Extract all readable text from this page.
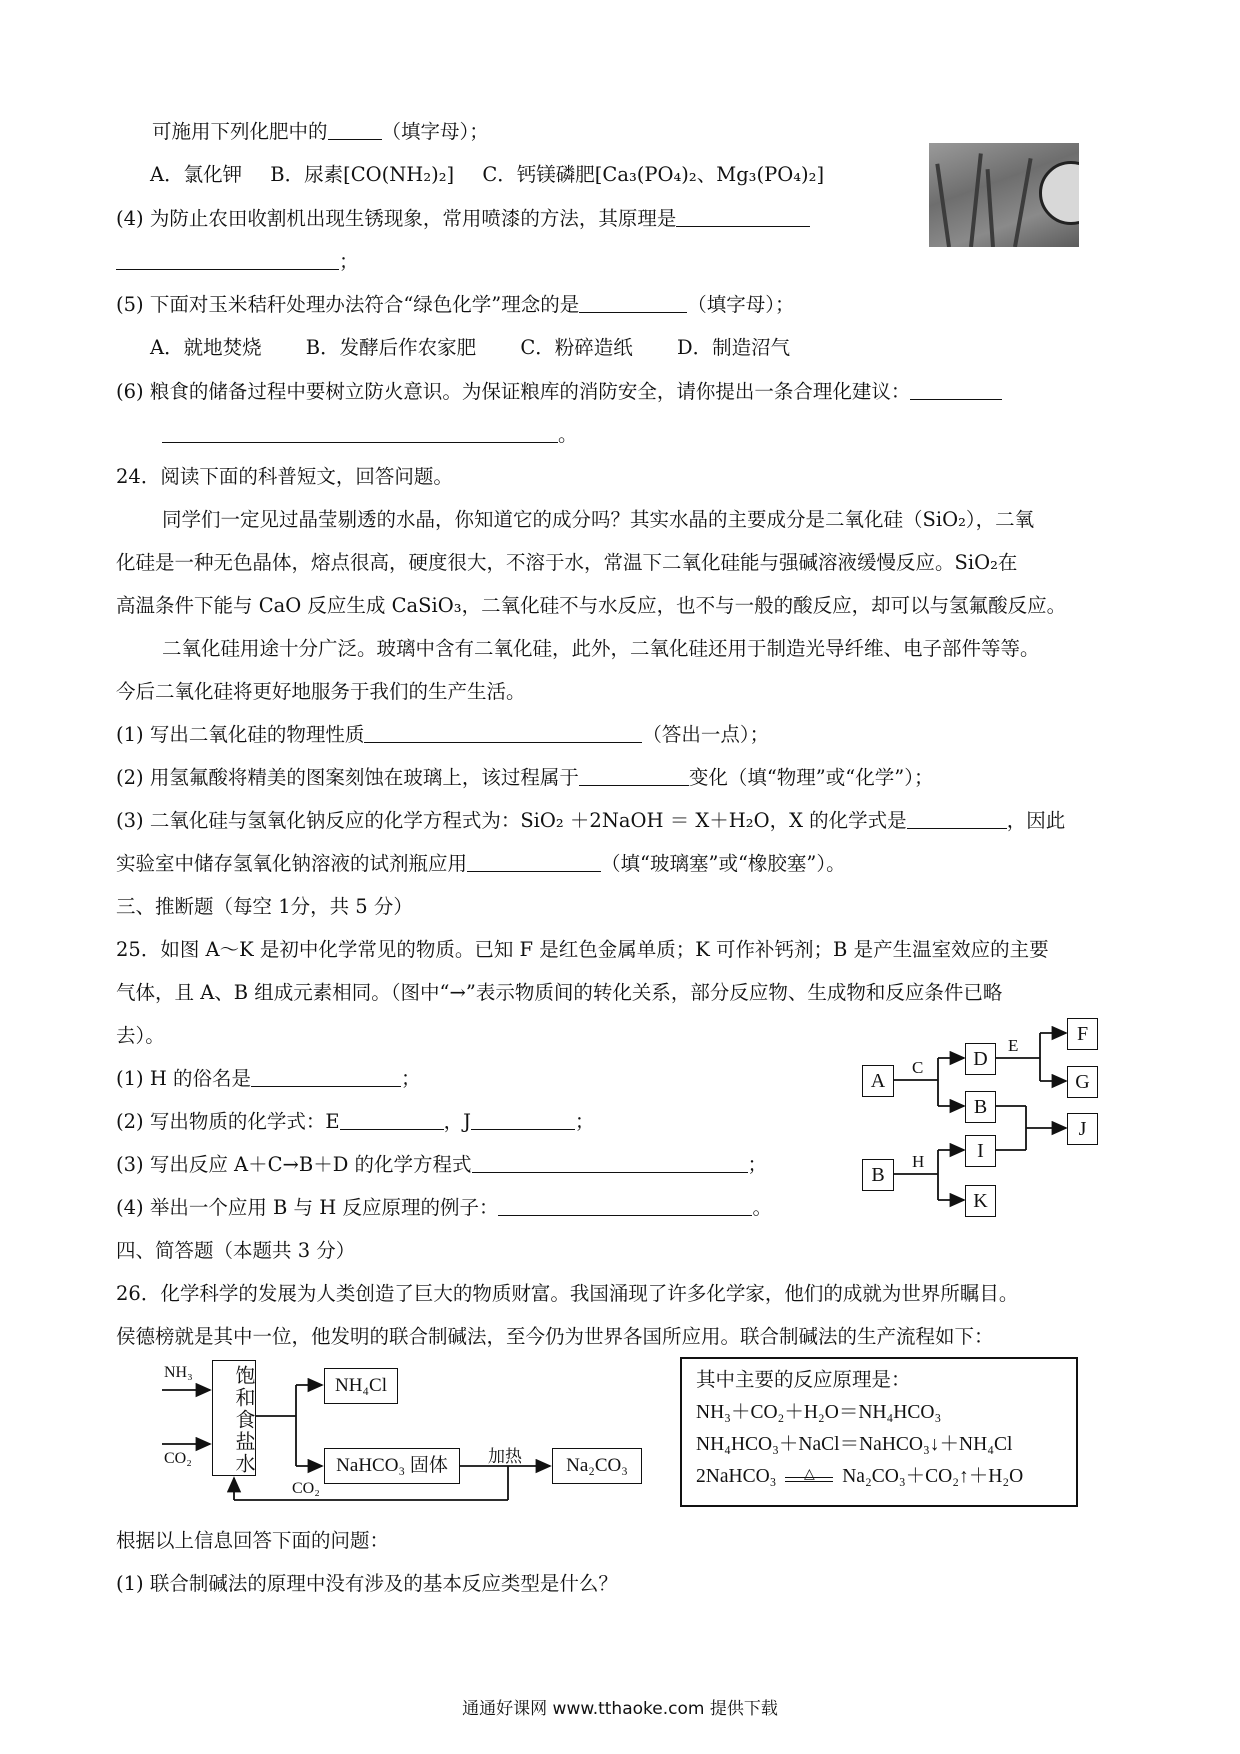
可施用下列化肥中的	（填字母）；
A．氯化钾 B．尿素[CO(NH₂)₂] C．钙镁磷肥[Ca₃(PO₄)₂、Mg₃(PO₄)₂]
(4) 为防止农田收割机出现生锈现象，常用喷漆的方法，其原理是
；
(5) 下面对玉米秸秆处理办法符合“绿色化学”理念的是	（填字母）；
A．就地焚烧 B．发酵后作农家肥 C．粉碎造纸 D．制造沼气
(6) 粮食的储备过程中要树立防火意识。为保证粮库的消防安全，请你提出一条合理化建议：
。
24．阅读下面的科普短文，回答问题。
同学们一定见过晶莹剔透的水晶，你知道它的成分吗？其实水晶的主要成分是二氧化硅（SiO₂），二氧
化硅是一种无色晶体，熔点很高，硬度很大，不溶于水，常温下二氧化硅能与强碱溶液缓慢反应。SiO₂在
高温条件下能与 CaO 反应生成 CaSiO₃，二氧化硅不与水反应，也不与一般的酸反应，却可以与氢氟酸反应。
二氧化硅用途十分广泛。玻璃中含有二氧化硅，此外，二氧化硅还用于制造光导纤维、电子部件等等。
今后二氧化硅将更好地服务于我们的生产生活。
(1) 写出二氧化硅的物理性质	（答出一点）；
(2) 用氢氟酸将精美的图案刻蚀在玻璃上，该过程属于	变化（填“物理”或“化学”）；
(3) 二氧化硅与氢氧化钠反应的化学方程式为：SiO₂ ＋2NaOH ＝ X＋H₂O，X 的化学式是	，因此
实验室中储存氢氧化钠溶液的试剂瓶应用	（填“玻璃塞”或“橡胶塞”）。
三、推断题（每空 1分，共 5 分）
25．如图 A～K 是初中化学常见的物质。已知 F 是红色金属单质；K 可作补钙剂；B 是产生温室效应的主要
气体，且 A、B 组成元素相同。（图中“→”表示物质间的转化关系，部分反应物、生成物和反应条件已略
去）。
(1) H 的俗名是	；
(2) 写出物质的化学式：E	，J	；
(3) 写出反应 A＋C→B＋D 的化学方程式	；
(4) 举出一个应用 B 与 H 反应原理的例子：	。
A
D
B
F
G
J
I
B
K
C
E
H
四、简答题（本题共 3 分）
26．化学科学的发展为人类创造了巨大的物质财富。我国涌现了许多化学家，他们的成就为世界所瞩目。
侯德榜就是其中一位，他发明的联合制碱法，至今仍为世界各国所应用。联合制碱法的生产流程如下：
NH₃
CO₂	饱和食盐水	NH₄Cl
NaHCO₃ 固体	加热	Na₂CO₃
CO₂
其中主要的反应原理是：
NH₃＋CO₂＋H₂O＝NH₄HCO₃
NH₄HCO₃＋NaCl＝NaHCO₃↓＋NH₄Cl
2NaHCO₃	△	Na₂CO₃＋CO₂↑＋H₂O
根据以上信息回答下面的问题：
(1) 联合制碱法的原理中没有涉及的基本反应类型是什么？
通通好课网 www.tthaoke.com 提供下载
